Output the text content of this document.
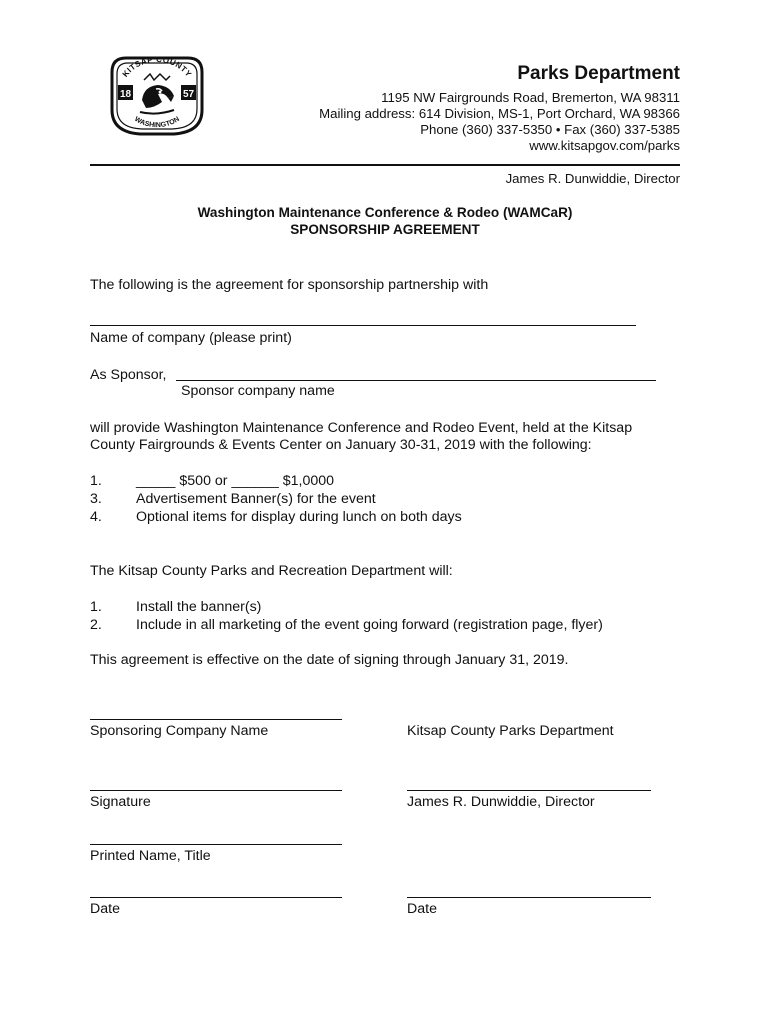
18	57
KITSAP COUNTY
WASHINGTON
Parks Department
1195 NW Fairgrounds Road, Bremerton, WA 98311
Mailing address: 614 Division, MS-1, Port Orchard, WA 98366
Phone (360) 337-5350 • Fax (360) 337-5385
www.kitsapgov.com/parks
James R. Dunwiddie, Director
Washington Maintenance Conference & Rodeo (WAMCaR)
SPONSORSHIP AGREEMENT
The following is the agreement for sponsorship partnership with
Name of company (please print)
As Sponsor,
Sponsor company name
will provide Washington Maintenance Conference and Rodeo Event, held at the Kitsap
County Fairgrounds & Events Center on January 30-31, 2019 with the following:
1. _____ $500 or ______ $1,0000
3. Advertisement Banner(s) for the event
4. Optional items for display during lunch on both days
The Kitsap County Parks and Recreation Department will:
1. Install the banner(s)
2. Include in all marketing of the event going forward (registration page, flyer)
This agreement is effective on the date of signing through January 31, 2019.
Sponsoring Company Name	Kitsap County Parks Department
Signature	James R. Dunwiddie, Director
Printed Name, Title
Date	Date
